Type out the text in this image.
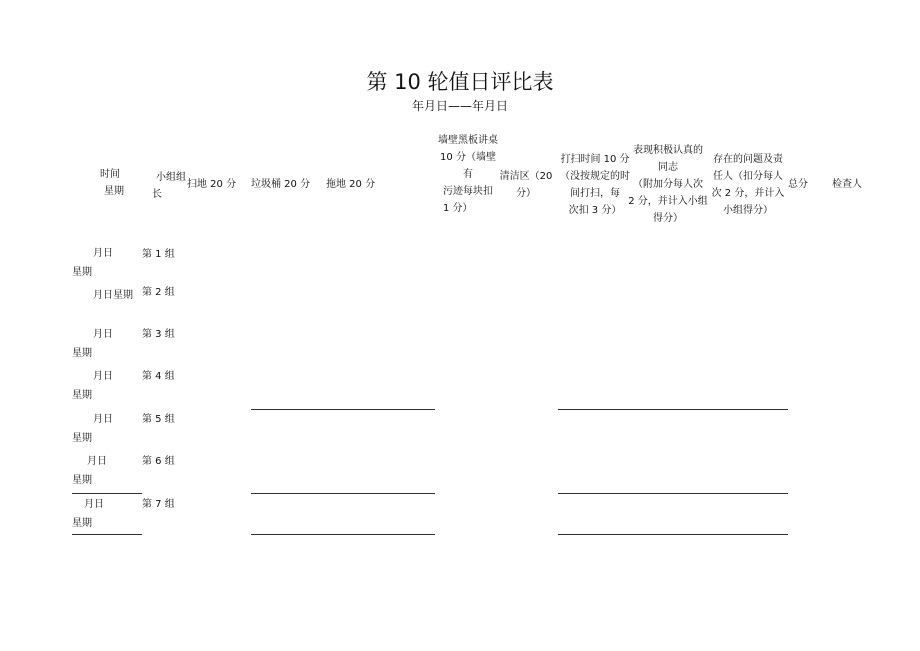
第 10 轮值日评比表
年月日——年月日
时间
星期
小组组
长
扫地 20 分 垃圾桶 20 分 拖地 20 分
墙壁黑板讲桌
10 分（墙壁
有
污迹每块扣
1 分）
清洁区（20
分）
打扫时间 10 分
（没按规定的时
间打扫，每
次扣 3 分）
表现积极认真的
同志
（附加分每人次
2 分，并计入小组
得分）
存在的问题及责
任人（扣分每人
次 2 分，并计入
小组得分）
总分 检查人
月日
星期
第 1 组
月日星期 第 2 组
月日
星期
第 3 组
月日
星期
第 4 组
月日
星期
第 5 组
月日
星期
第 6 组
月日
星期
第 7 组
